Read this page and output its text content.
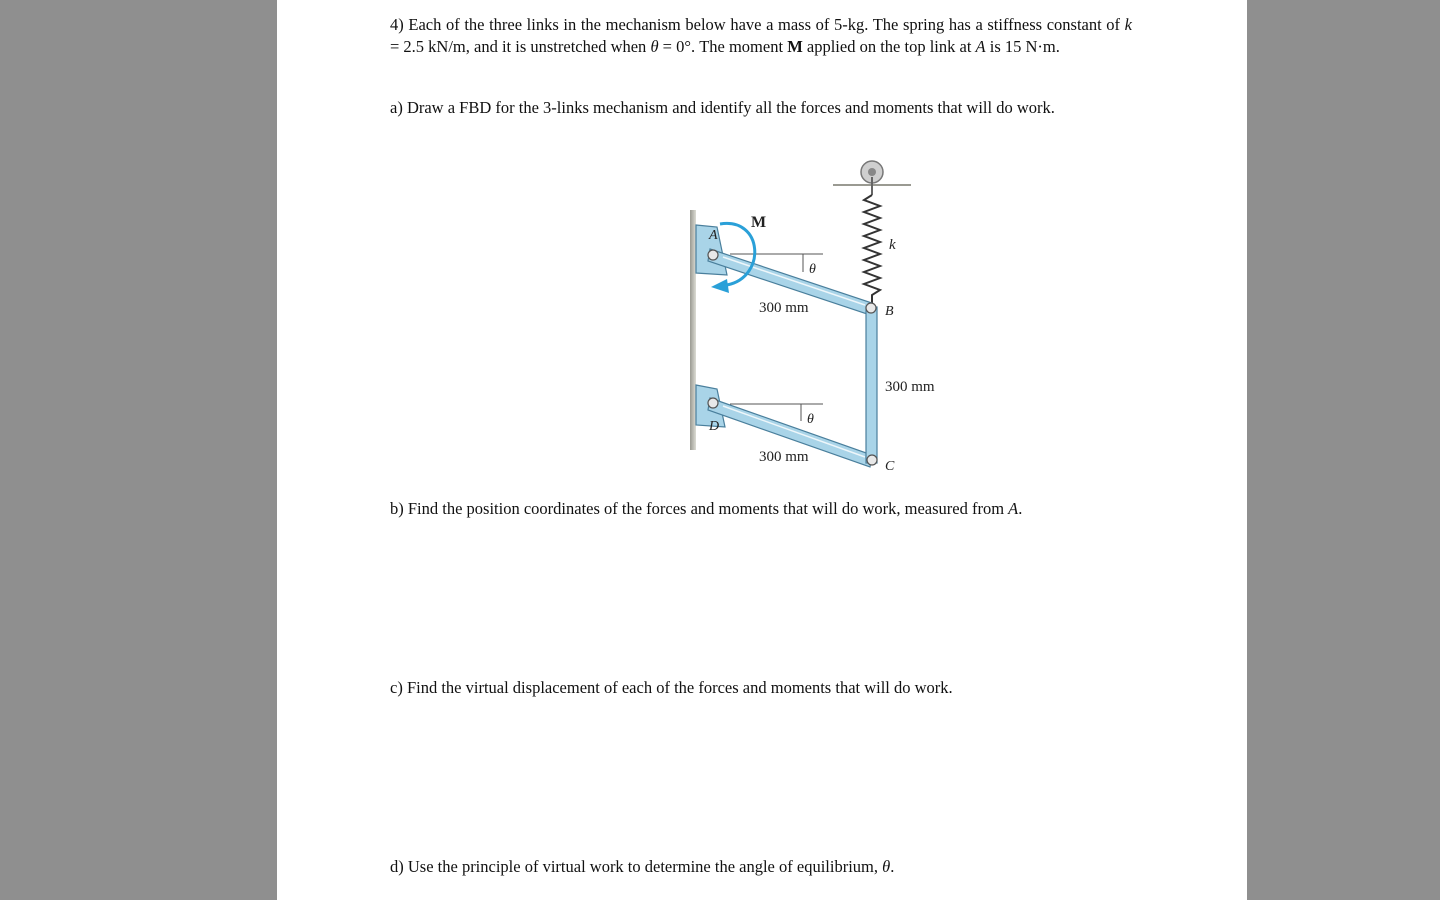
4) Each of the three links in the mechanism below have a mass of 5-kg. The spring has a stiffness constant of k = 2.5 kN/m, and it is unstretched when θ = 0°. The moment M applied on the top link at A is 15 N·m.
a) Draw a FBD for the 3-links mechanism and identify all the forces and moments that will do work.
M
A
B
C
D
k
θ
θ
300 mm
300 mm
300 mm
b) Find the position coordinates of the forces and moments that will do work, measured from A.
c) Find the virtual displacement of each of the forces and moments that will do work.
d) Use the principle of virtual work to determine the angle of equilibrium, θ.
